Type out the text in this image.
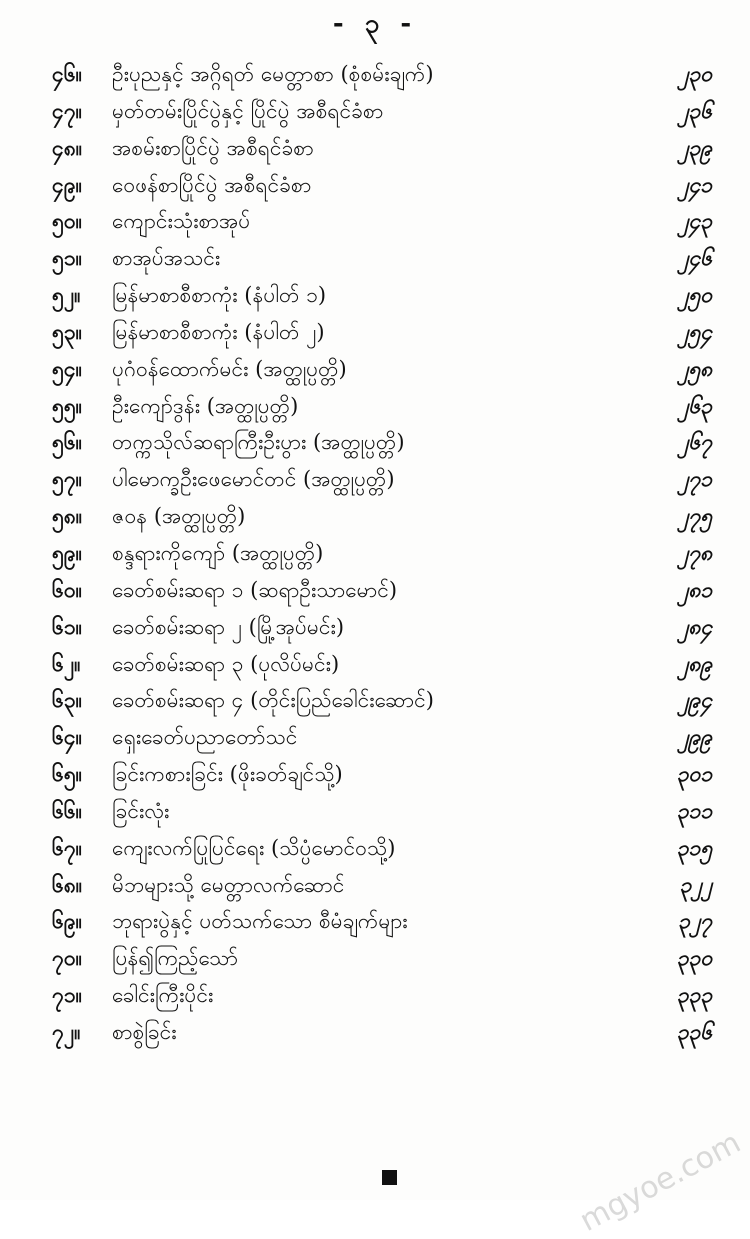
- ၃ -
၄၆။	ဦးပုညနှင့် အဂ္ဂိရတ် မေတ္တာစာ (စုံစမ်းချက်)	၂၃၀
၄၇။	မှတ်တမ်းပြိုင်ပွဲနှင့် ပြိုင်ပွဲ အစီရင်ခံစာ	၂၃၆
၄၈။	အစမ်းစာပြိုင်ပွဲ အစီရင်ခံစာ	၂၃၉
၄၉။	ဝေဖန်စာပြိုင်ပွဲ အစီရင်ခံစာ	၂၄၁
၅၀။	ကျောင်းသုံးစာအုပ်	၂၄၃
၅၁။	စာအုပ်အသင်း	၂၄၆
၅၂။	မြန်မာစာစီစာကုံး (နံပါတ် ၁)	၂၅၀
၅၃။	မြန်မာစာစီစာကုံး (နံပါတ် ၂)	၂၅၄
၅၄။	ပုဂံဝန်ထောက်မင်း (အတ္ထုပ္ပတ္တိ)	၂၅၈
၅၅။	ဦးကျော်ဒွန်း (အတ္ထုပ္ပတ္တိ)	၂၆၃
၅၆။	တက္ကသိုလ်ဆရာကြီးဦးပွား (အတ္ထုပ္ပတ္တိ)	၂၆၇
၅၇။	ပါမောက္ခဦးဖေမောင်တင် (အတ္ထုပ္ပတ္တိ)	၂၇၁
၅၈။	ဇဝန (အတ္ထုပ္ပတ္တိ)	၂၇၅
၅၉။	စန္ဒရားကိုကျော် (အတ္ထုပ္ပတ္တိ)	၂၇၈
၆၀။	ခေတ်စမ်းဆရာ ၁ (ဆရာဦးသာမောင်)	၂၈၁
၆၁။	ခေတ်စမ်းဆရာ ၂ (မြို့အုပ်မင်း)	၂၈၄
၆၂။	ခေတ်စမ်းဆရာ ၃ (ပုလိပ်မင်း)	၂၈၉
၆၃။	ခေတ်စမ်းဆရာ ၄ (တိုင်းပြည်ခေါင်းဆောင်)	၂၉၄
၆၄။	ရှေးခေတ်ပညာတော်သင်	၂၉၉
၆၅။	ခြင်းကစားခြင်း (ဖိုးခတ်ချင်သို့)	၃၀၁
၆၆။	ခြင်းလုံး	၃၁၁
၆၇။	ကျေးလက်ပြုပြင်ရေး (သိပ္ပံမောင်ဝသို့)	၃၁၅
၆၈။	မိဘများသို့ မေတ္တာလက်ဆောင်	၃၂၂
၆၉။	ဘုရားပွဲနှင့် ပတ်သက်သော စီမံချက်များ	၃၂၇
၇၀။	ပြန်၍ကြည့်သော်	၃၃၀
၇၁။	ခေါင်းကြီးပိုင်း	၃၃၃
၇၂။	စာစွဲခြင်း	၃၃၆
mgyoe.com
